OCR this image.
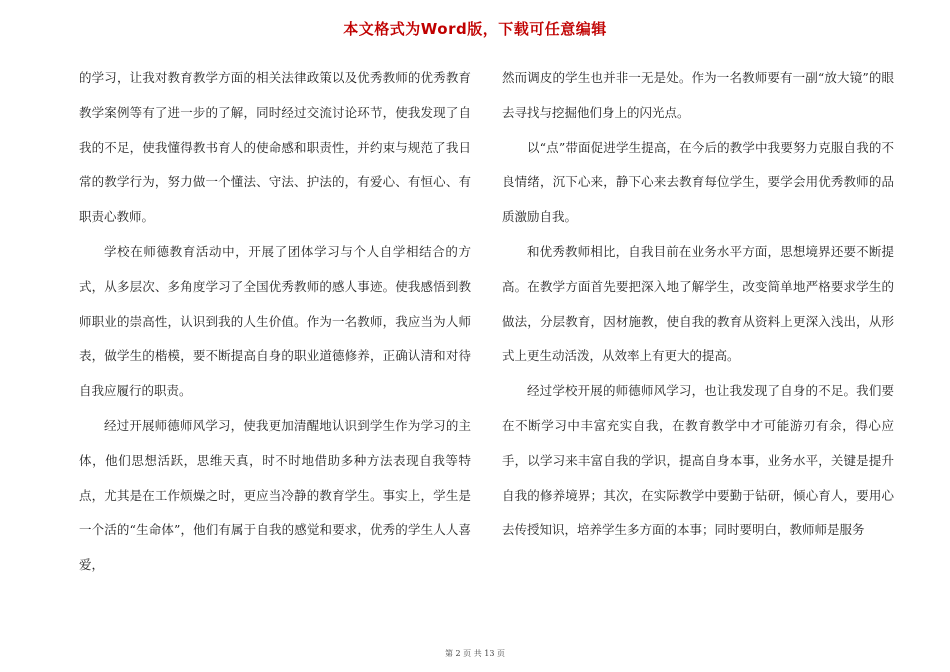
本文格式为Word版，下载可任意编辑

的学习，让我对教育教学方面的相关法律政策以及优秀教师的优秀教育教学案例等有了进一步的了解，同时经过交流讨论环节，使我发现了自我的不足，使我懂得教书育人的使命感和职责性，并约束与规范了我日常的教学行为，努力做一个懂法、守法、护法的，有爱心、有恒心、有职责心教师。

学校在师德教育活动中，开展了团体学习与个人自学相结合的方式，从多层次、多角度学习了全国优秀教师的感人事迹。使我感悟到教师职业的崇高性，认识到我的人生价值。作为一名教师，我应当为人师表，做学生的楷模，要不断提高自身的职业道德修养，正确认清和对待自我应履行的职责。

经过开展师德师风学习，使我更加清醒地认识到学生作为学习的主体，他们思想活跃，思维天真，时不时地借助多种方法表现自我等特点，尤其是在工作烦燥之时，更应当冷静的教育学生。事实上，学生是一个活的“生命体”，他们有属于自我的感觉和要求，优秀的学生人人喜爱，

然而调皮的学生也并非一无是处。作为一名教师要有一副“放大镜”的眼去寻找与挖掘他们身上的闪光点。

以“点”带面促进学生提高，在今后的教学中我要努力克服自我的不良情绪，沉下心来，静下心来去教育每位学生，要学会用优秀教师的品质激励自我。

和优秀教师相比，自我目前在业务水平方面，思想境界还要不断提高。在教学方面首先要把深入地了解学生，改变简单地严格要求学生的做法，分层教育，因材施教，使自我的教育从资料上更深入浅出，从形式上更生动活泼，从效率上有更大的提高。

经过学校开展的师德师风学习，也让我发现了自身的不足。我们要在不断学习中丰富充实自我，在教育教学中才可能游刃有余，得心应手，以学习来丰富自我的学识，提高自身本事，业务水平，关键是提升自我的修养境界；其次，在实际教学中要勤于钻研，倾心育人，要用心去传授知识，培养学生多方面的本事；同时要明白，教师师是服务

第 2 页 共 13 页
